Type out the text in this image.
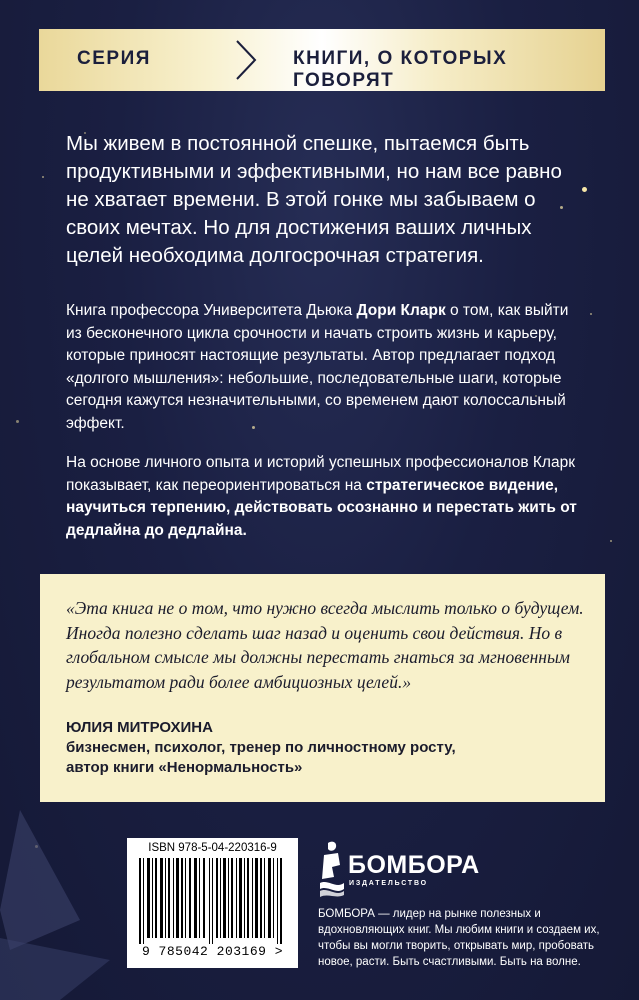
СЕРИЯ	КНИГИ, О КОТОРЫХ ГОВОРЯТ

Мы живем в постоянной спешке, пытаемся быть продуктивными и эффективными, но нам все равно не хватает времени. В этой гонке мы забываем о своих мечтах. Но для достижения ваших личных целей необходима долгосрочная стратегия.

Книга профессора Университета Дьюка Дори Кларк о том, как выйти из бесконечного цикла срочности и начать строить жизнь и карьеру, которые приносят настоящие результаты. Автор предлагает подход «долгого мышления»: небольшие, последовательные шаги, которые сегодня кажутся незначительными, со временем дают колоссальный эффект.

На основе личного опыта и историй успешных профессионалов Кларк показывает, как переориентироваться на стратегическое видение, научиться терпению, действовать осознанно и перестать жить от дедлайна до дедлайна.

«Эта книга не о том, что нужно всегда мыслить только о будущем. Иногда полезно сделать шаг назад и оценить свои действия. Но в глобальном смысле мы должны перестать гнаться за мгновенным результатом ради более амбициозных целей.»

ЮЛИЯ МИТРОХИНА
бизнесмен, психолог, тренер по личностному росту,
автор книги «Ненормальность»
ISBN 978-5-04-220316-9
9 785042 203169 >
БОМБОРА
ИЗДАТЕЛЬСТВО

БОМБОРА — лидер на рынке полезных и вдохновляющих книг. Мы любим книги и создаем их, чтобы вы могли творить, открывать мир, пробовать новое, расти. Быть счастливыми. Быть на волне.
